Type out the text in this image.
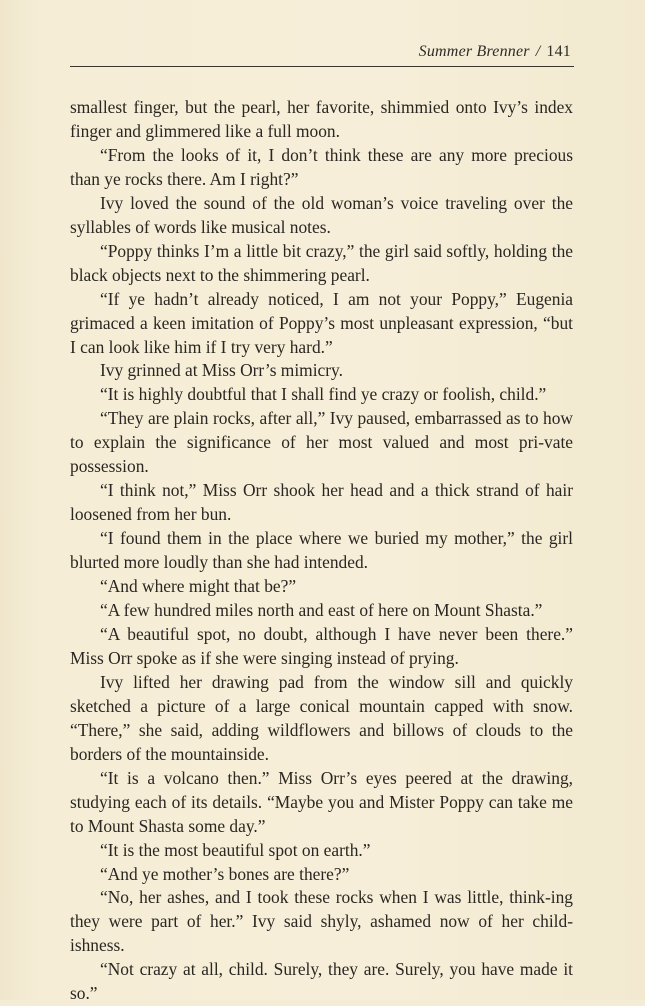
Summer Brenner / 141

smallest finger, but the pearl, her favorite, shimmied onto Ivy’s index finger and glimmered like a full moon.

“From the looks of it, I don’t think these are any more precious than ye rocks there. Am I right?”

Ivy loved the sound of the old woman’s voice traveling over the syllables of words like musical notes.

“Poppy thinks I’m a little bit crazy,” the girl said softly, holding the black objects next to the shimmering pearl.

“If ye hadn’t already noticed, I am not your Poppy,” Eugenia grimaced a keen imitation of Poppy’s most unpleasant expression, “but I can look like him if I try very hard.”

Ivy grinned at Miss Orr’s mimicry.

“It is highly doubtful that I shall find ye crazy or foolish, child.”

“They are plain rocks, after all,” Ivy paused, embarrassed as to how to explain the significance of her most valued and most pri-vate possession.

“I think not,” Miss Orr shook her head and a thick strand of hair loosened from her bun.

“I found them in the place where we buried my mother,” the girl blurted more loudly than she had intended.

“And where might that be?”

“A few hundred miles north and east of here on Mount Shasta.”

“A beautiful spot, no doubt, although I have never been there.” Miss Orr spoke as if she were singing instead of prying.

Ivy lifted her drawing pad from the window sill and quickly sketched a picture of a large conical mountain capped with snow. “There,” she said, adding wildflowers and billows of clouds to the borders of the mountainside.

“It is a volcano then.” Miss Orr’s eyes peered at the drawing, studying each of its details. “Maybe you and Mister Poppy can take me to Mount Shasta some day.”

“It is the most beautiful spot on earth.”

“And ye mother’s bones are there?”

“No, her ashes, and I took these rocks when I was little, think-ing they were part of her.” Ivy said shyly, ashamed now of her child-ishness.

“Not crazy at all, child. Surely, they are. Surely, you have made it so.”
